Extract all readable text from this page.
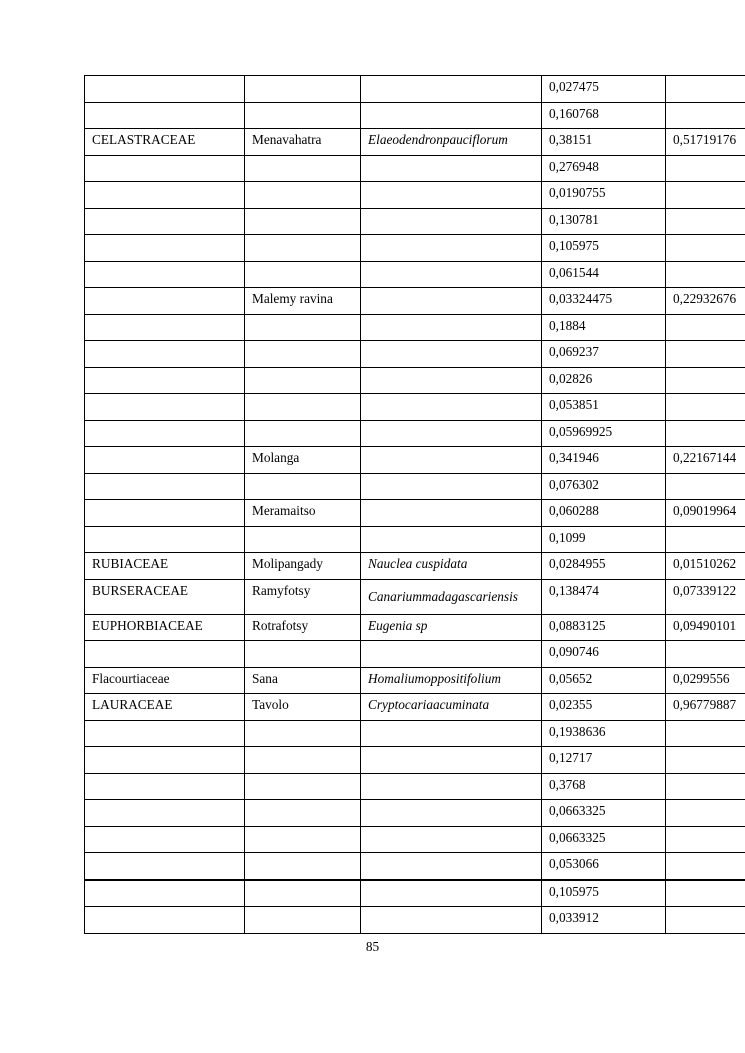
			0,027475	
			0,160768	
CELASTRACEAE	Menavahatra	Elaeodendronpauciflorum	0,38151	0,51719176
			0,276948	
			0,0190755	
			0,130781	
			0,105975	
			0,061544	
	Malemy ravina		0,03324475	0,22932676
			0,1884	
			0,069237	
			0,02826	
			0,053851	
			0,05969925	
	Molanga		0,341946	0,22167144
			0,076302	
	Meramaitso		0,060288	0,09019964
			0,1099	
RUBIACEAE	Molipangady	Nauclea cuspidata	0,0284955	0,01510262
BURSERACEAE	Ramyfotsy	Canariummadagascariensis	0,138474	0,07339122
EUPHORBIACEAE	Rotrafotsy	Eugenia sp	0,0883125	0,09490101
			0,090746	
Flacourtiaceae	Sana	Homaliumoppositifolium	0,05652	0,0299556
LAURACEAE	Tavolo	Cryptocariaacuminata	0,02355	0,96779887
			0,1938636	
			0,12717	
			0,3768	
			0,0663325	
			0,0663325	
			0,053066	
			0,105975	
			0,033912	
85
